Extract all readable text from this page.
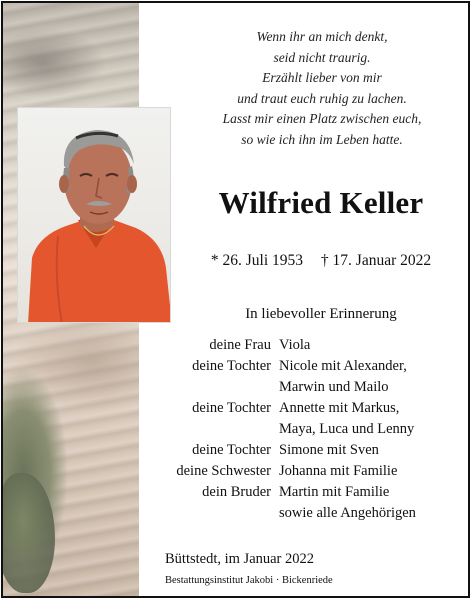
Wenn ihr an mich denkt,
seid nicht traurig.
Erzählt lieber von mir
und traut euch ruhig zu lachen.
Lasst mir einen Platz zwischen euch,
so wie ich ihn im Leben hatte.
Wilfried Keller
* 26. Juli 1953 † 17. Januar 2022
In liebevoller Erinnerung
deine Frau Viola
deine Tochter Nicole mit Alexander,
Marwin und Mailo
deine Tochter Annette mit Markus,
Maya, Luca und Lenny
deine Tochter Simone mit Sven
deine Schwester Johanna mit Familie
dein Bruder Martin mit Familie
sowie alle Angehörigen
Büttstedt, im Januar 2022
Bestattungsinstitut Jakobi · Bickenriede
